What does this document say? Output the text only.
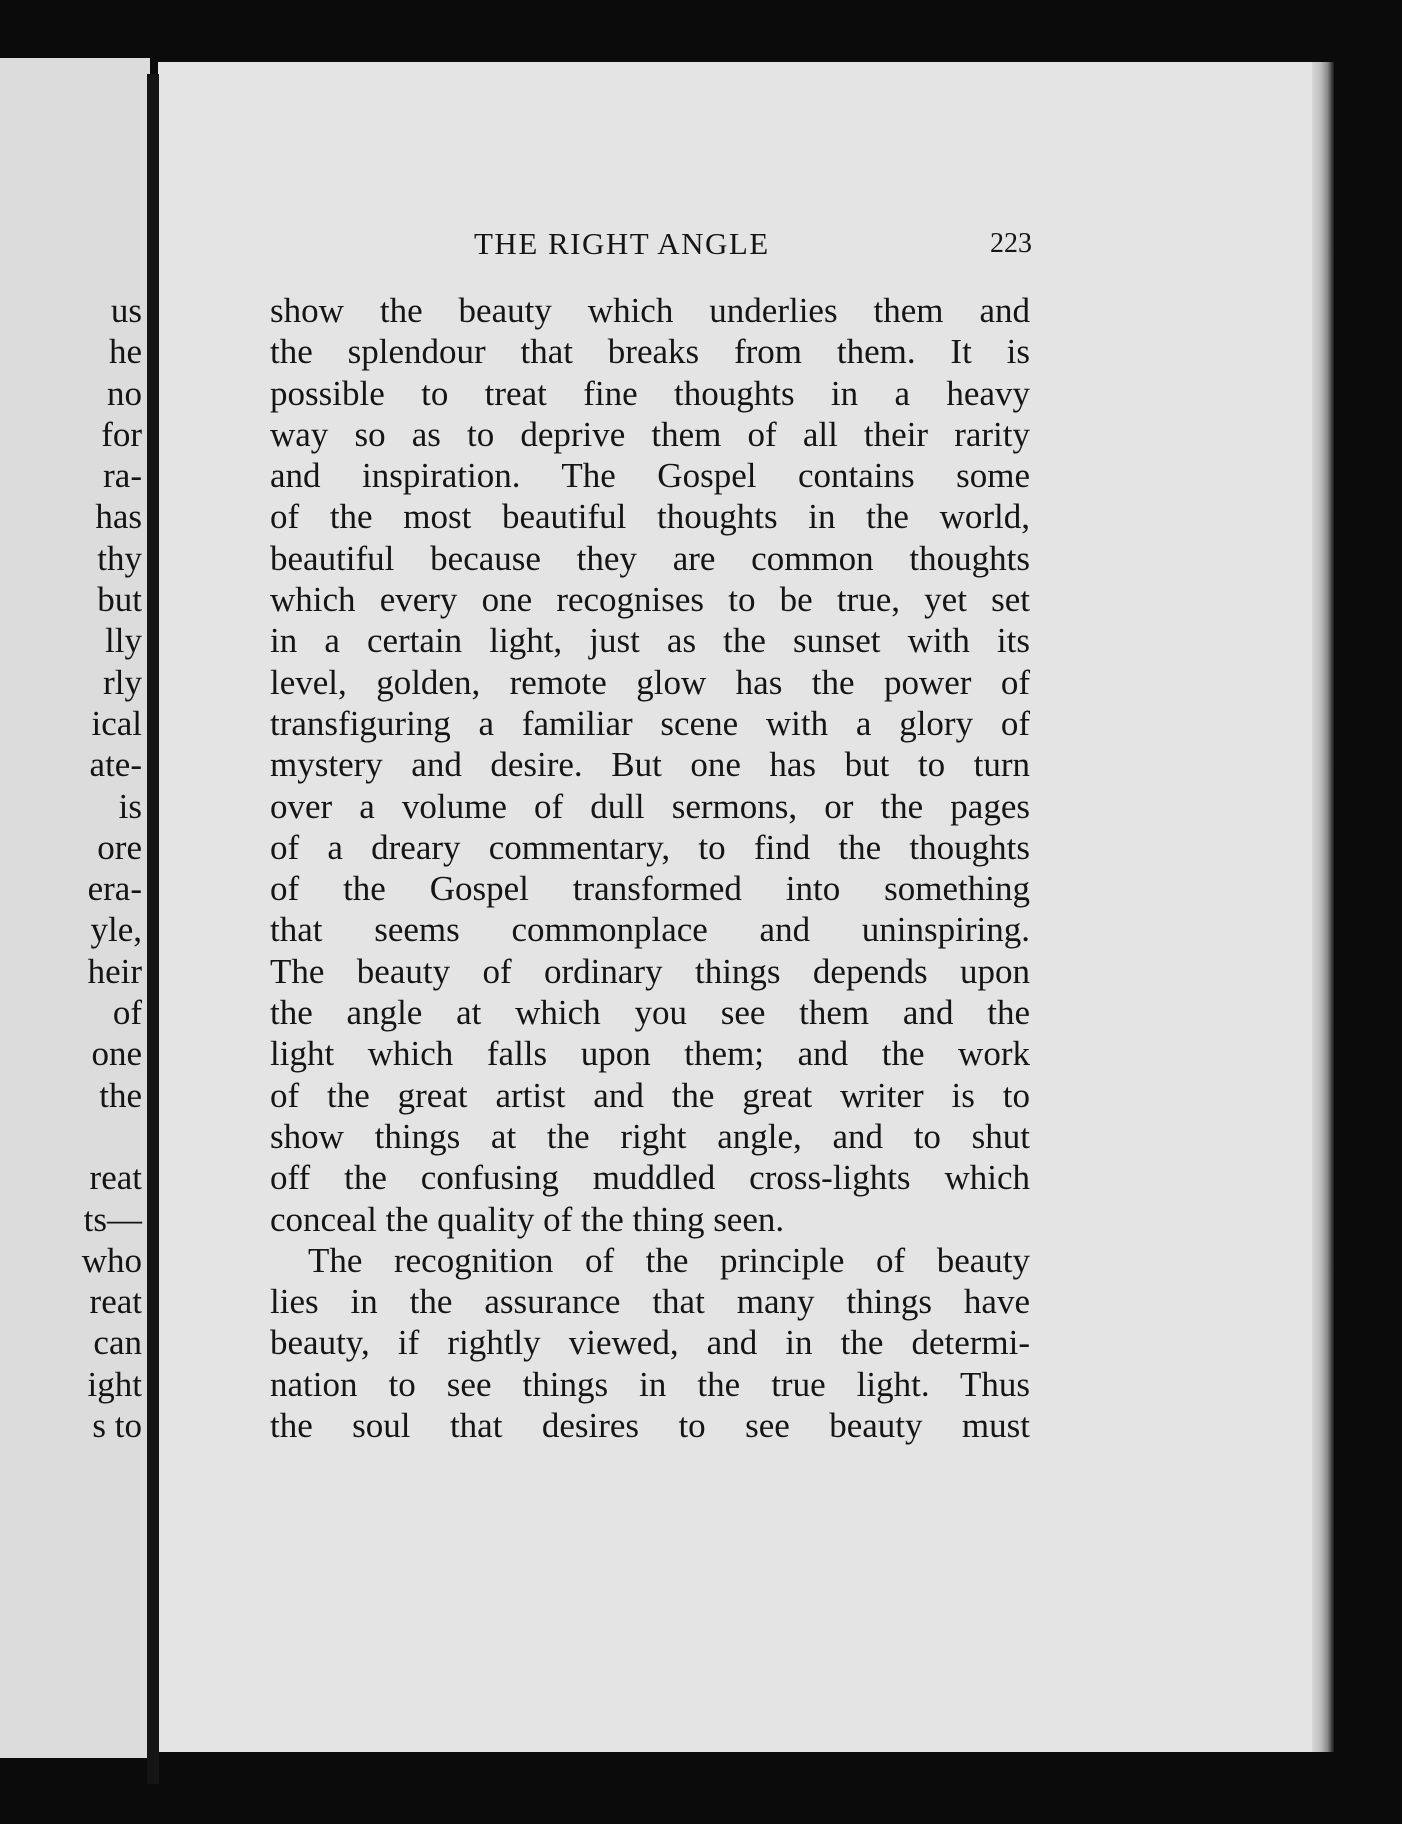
us
he
no
for
ra-
has
thy
but
lly
rly
ical
ate-
is
ore
era-
yle,
heir
of
one
the
reat
ts—
who
reat
can
ight
s to
THE RIGHT ANGLE	223
show the beauty which underlies them and
the splendour that breaks from them. It is
possible to treat fine thoughts in a heavy
way so as to deprive them of all their rarity
and inspiration. The Gospel contains some
of the most beautiful thoughts in the world,
beautiful because they are common thoughts
which every one recognises to be true, yet set
in a certain light, just as the sunset with its
level, golden, remote glow has the power of
transfiguring a familiar scene with a glory of
mystery and desire. But one has but to turn
over a volume of dull sermons, or the pages
of a dreary commentary, to find the thoughts
of the Gospel transformed into something
that seems commonplace and uninspiring.
The beauty of ordinary things depends upon
the angle at which you see them and the
light which falls upon them; and the work
of the great artist and the great writer is to
show things at the right angle, and to shut
off the confusing muddled cross-lights which
conceal the quality of the thing seen.
The recognition of the principle of beauty
lies in the assurance that many things have
beauty, if rightly viewed, and in the determi-
nation to see things in the true light. Thus
the soul that desires to see beauty must
